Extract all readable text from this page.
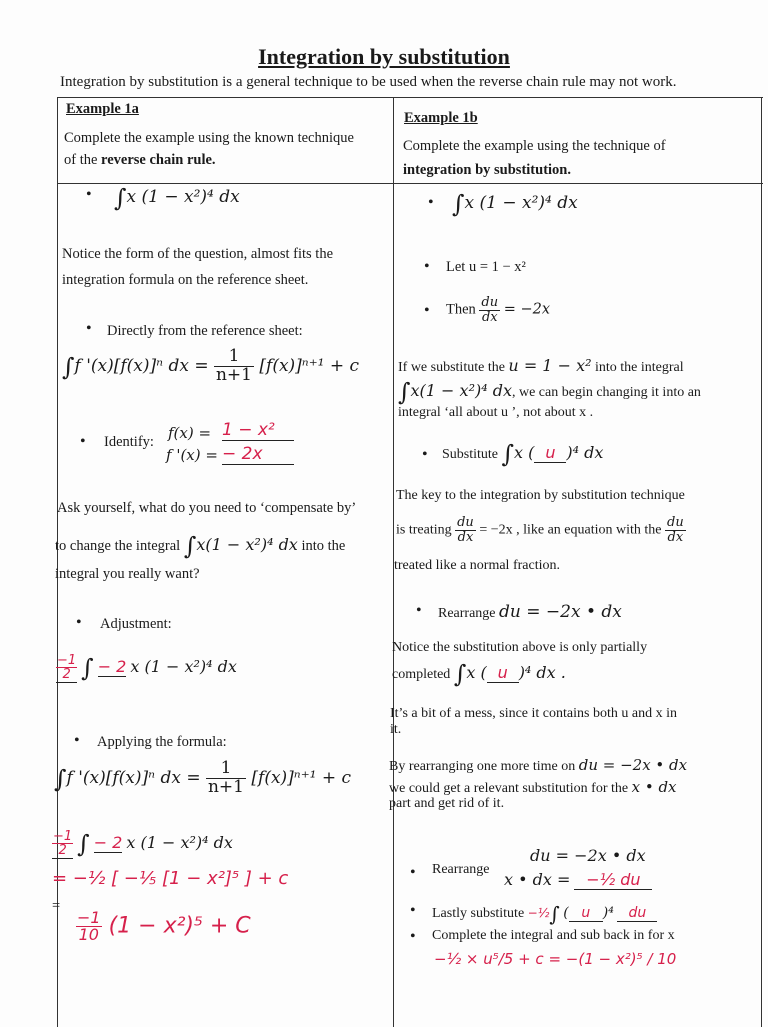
Integration by substitution
Integration by substitution is a general technique to be used when the reverse chain rule may not work.
Example 1a
Complete the example using the known technique
of the reverse chain rule.
• ∫x (1 − x²)⁴ dx
Notice the form of the question, almost fits the
integration formula on the reference sheet.
• Directly from the reference sheet:
∫f '(x)[f(x)]ⁿ dx = $\frac{1}{n+1} [f(x)]^{n+1} + c$
• Identify: f(x) =
f '(x) =
1 − x²
− 2x
Ask yourself, what do you need to ‘compensate by’
to change the integral ∫x(1 − x²)⁴ dx into the
integral you really want?
• Adjustment:
$\frac{-1}{2}$ ∫ − 2 x (1 − x²)⁴ dx
• Applying the formula:
∫f '(x)[f(x)]ⁿ dx = $\frac{1}{n+1} [f(x)]^{n+1} + c$
$\frac{-1}{2}$ ∫ − 2 x (1 − x²)⁴ dx
= −½ [ −⅕ [1 − x²]⁵ ] + c
=
$\frac{-1}{10} (1 - x^2)^5 + C$
Example 1b
Complete the example using the technique of
integration by substitution.
• ∫x (1 − x²)⁴ dx
• Let u = 1 − x²
• Then $\frac{du}{dx} = -2x$
If we substitute the u = 1 − x² into the integral
∫x(1 − x²)⁴ dx, we can begin changing it into an
integral ‘all about u ’, not about x .
• Substitute ∫x ( u )⁴ dx
The key to the integration by substitution technique
is treating $\frac{du}{dx} = -2x$ , like an equation with the $\frac{du}{dx}$
treated like a normal fraction.
• Rearrange du = −2x • dx
Notice the substitution above is only partially
completed ∫x ( u )⁴ dx .
It’s a bit of a mess, since it contains both u and x in
it.
By rearranging one more time on du = −2x • dx
we could get a relevant substitution for the x • dx
part and get rid of it.
du = −2x • dx
• Rearrange
x • dx = −½ du
• Lastly substitute −½∫ ( u )⁴ du
• Complete the integral and sub back in for x
−½ × u⁵/5 + c = −(1 − x²)⁵ / 10
